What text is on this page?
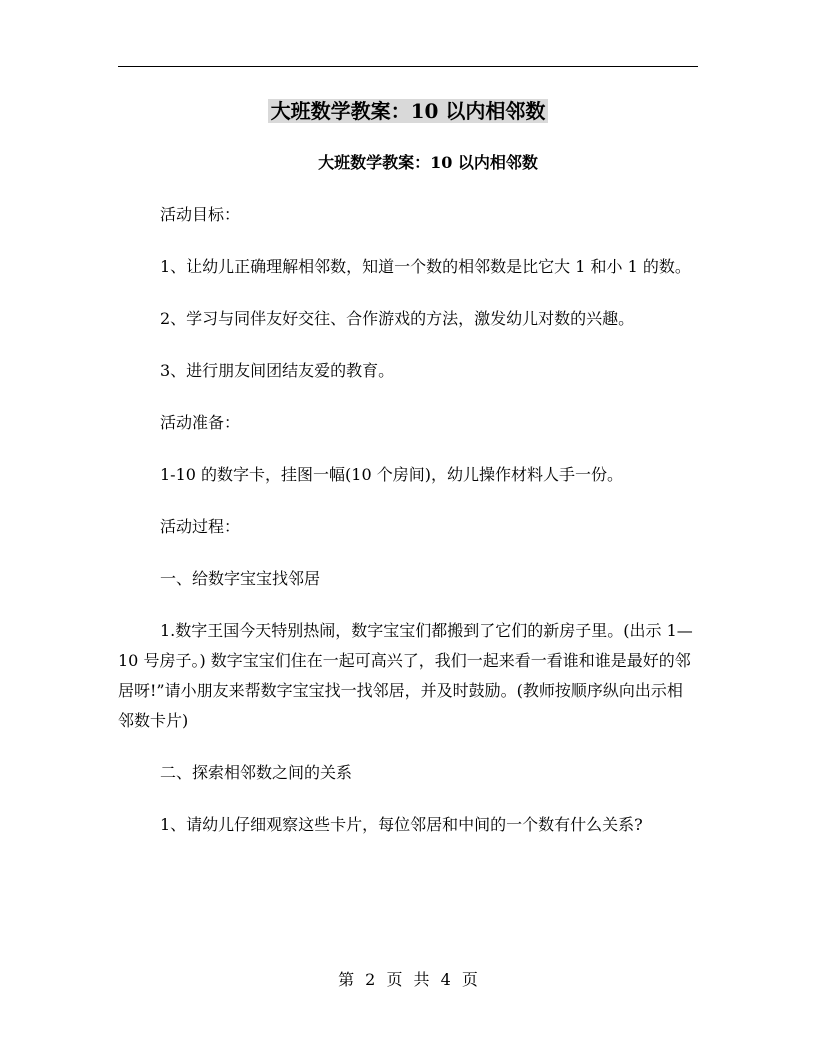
大班数学教案：10 以内相邻数

大班数学教案：10 以内相邻数

活动目标：

1、让幼儿正确理解相邻数，知道一个数的相邻数是比它大 1 和小 1 的数。

2、学习与同伴友好交往、合作游戏的方法，激发幼儿对数的兴趣。

3、进行朋友间团结友爱的教育。

活动准备：

1-10 的数字卡，挂图一幅(10 个房间)，幼儿操作材料人手一份。

活动过程：

一、给数字宝宝找邻居

1.数字王国今天特别热闹，数字宝宝们都搬到了它们的新房子里。(出示 1—10 号房子。) 数字宝宝们住在一起可高兴了，我们一起来看一看谁和谁是最好的邻居呀!”请小朋友来帮数字宝宝找一找邻居，并及时鼓励。(教师按顺序纵向出示相邻数卡片)

二、探索相邻数之间的关系

1、请幼儿仔细观察这些卡片，每位邻居和中间的一个数有什么关系?

第 2 页 共 4 页
